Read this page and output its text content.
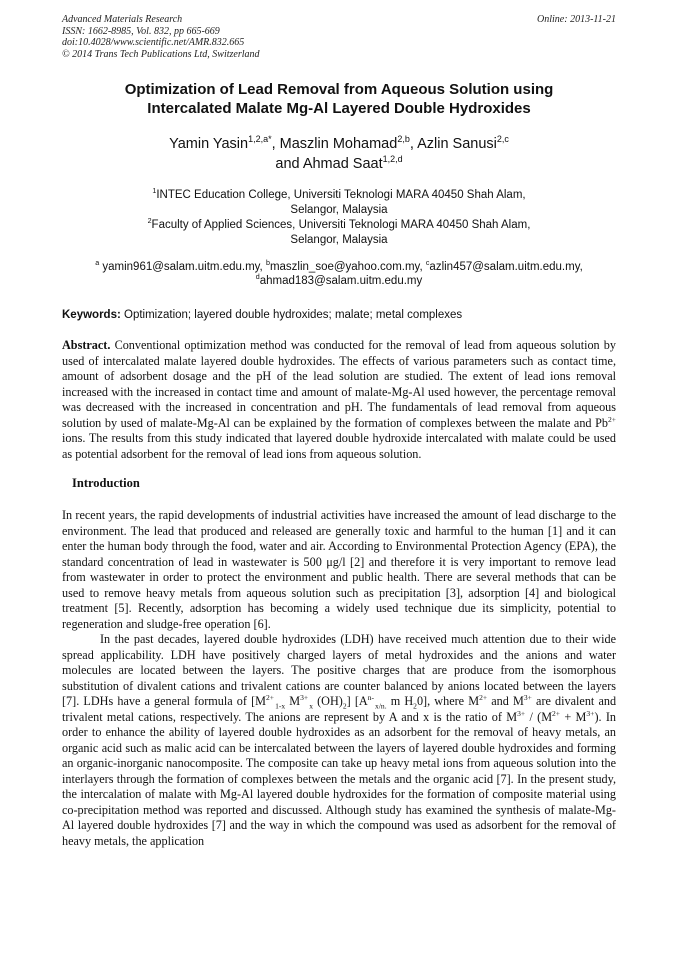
Advanced Materials Research
ISSN: 1662-8985, Vol. 832, pp 665-669
doi:10.4028/www.scientific.net/AMR.832.665
© 2014 Trans Tech Publications Ltd, Switzerland
Online: 2013-11-21
Optimization of Lead Removal from Aqueous Solution using
Intercalated Malate Mg-Al Layered Double Hydroxides
Yamin Yasin$^{1,2,a*}$, Maszlin Mohamad$^{2,b}$, Azlin Sanusi$^{2,c}$
and Ahmad Saat$^{1,2,d}$
$^1$INTEC Education College, Universiti Teknologi MARA 40450 Shah Alam,
Selangor, Malaysia
$^2$Faculty of Applied Sciences, Universiti Teknologi MARA 40450 Shah Alam,
Selangor, Malaysia
$^a$ yamin961@salam.uitm.edu.my, $^b$maszlin_soe@yahoo.com.my, $^c$azlin457@salam.uitm.edu.my,
$^d$ahmad183@salam.uitm.edu.my
Keywords: Optimization; layered double hydroxides; malate; metal complexes
Abstract. Conventional optimization method was conducted for the removal of lead from aqueous solution by used of intercalated malate layered double hydroxides. The effects of various parameters such as contact time, amount of adsorbent dosage and the pH of the lead solution are studied. The extent of lead ions removal increased with the increased in contact time and amount of malate-Mg-Al used however, the percentage removal was decreased with the increased in concentration and pH. The fundamentals of lead removal from aqueous solution by used of malate-Mg-Al can be explained by the formation of complexes between the malate and $Pb^{2+}$ ions. The results from this study indicated that layered double hydroxide intercalated with malate could be used as potential adsorbent for the removal of lead ions from aqueous solution.
Introduction
In recent years, the rapid developments of industrial activities have increased the amount of lead discharge to the environment. The lead that produced and released are generally toxic and harmful to the human [1] and it can enter the human body through the food, water and air. According to Environmental Protection Agency (EPA), the standard concentration of lead in wastewater is 500 μg/l [2] and therefore it is very important to remove lead from wastewater in order to protect the environment and public health. There are several methods that can be used to remove heavy metals from aqueous solution such as precipitation [3], adsorption [4] and biological treatment [5]. Recently, adsorption has becoming a widely used technique due its simplicity, potential to regeneration and sludge-free operation [6].
In the past decades, layered double hydroxides (LDH) have received much attention due to their wide spread applicability. LDH have positively charged layers of metal hydroxides and the anions and water molecules are located between the layers. The positive charges that are produce from the isomorphous substitution of divalent cations and trivalent cations are counter balanced by anions located between the layers [7]. LDHs have a general formula of [$M^{2+}$ $_{1-x}$ $M^{3+}$ $_x$ $(OH)_2$] [$A^{n-}$ $_{x/n.}$ m $H_20$], where $M^{2+}$ and $M^{3+}$ are divalent and trivalent metal cations, respectively. The anions are represent by A and x is the ratio of $M^{3+} / (M^{2+} + M^{3+})$. In order to enhance the ability of layered double hydroxides as an adsorbent for the removal of heavy metals, an organic acid such as malic acid can be intercalated between the layers of layered double hydroxides and forming an organic-inorganic nanocomposite. The composite can take up heavy metal ions from aqueous solution into the interlayers through the formation of complexes between the metals and the organic acid [7]. In the present study, the intercalation of malate with Mg-Al layered double hydroxides for the formation of composite material using co-precipitation method was reported and discussed. Although study has examined the synthesis of malate-Mg-Al layered double hydroxides [7] and the way in which the compound was used as adsorbent for the removal of heavy metals, the application
